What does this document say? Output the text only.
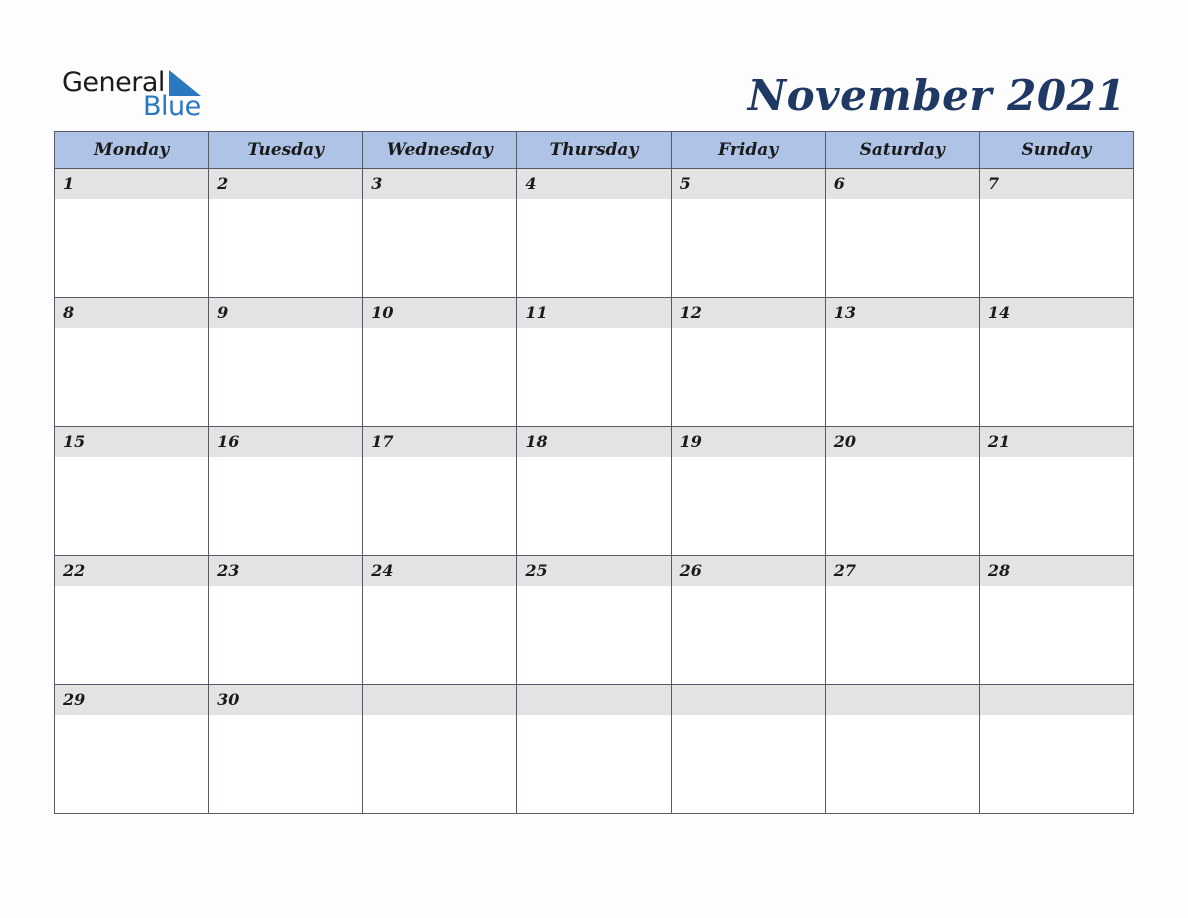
General
Blue	November 2021
Monday	Tuesday	Wednesday	Thursday	Friday	Saturday	Sunday

1	2	3	4	5	6	7

8	9	10	11	12	13	14

15	16	17	18	19	20	21

22	23	24	25	26	27	28

29	30					
